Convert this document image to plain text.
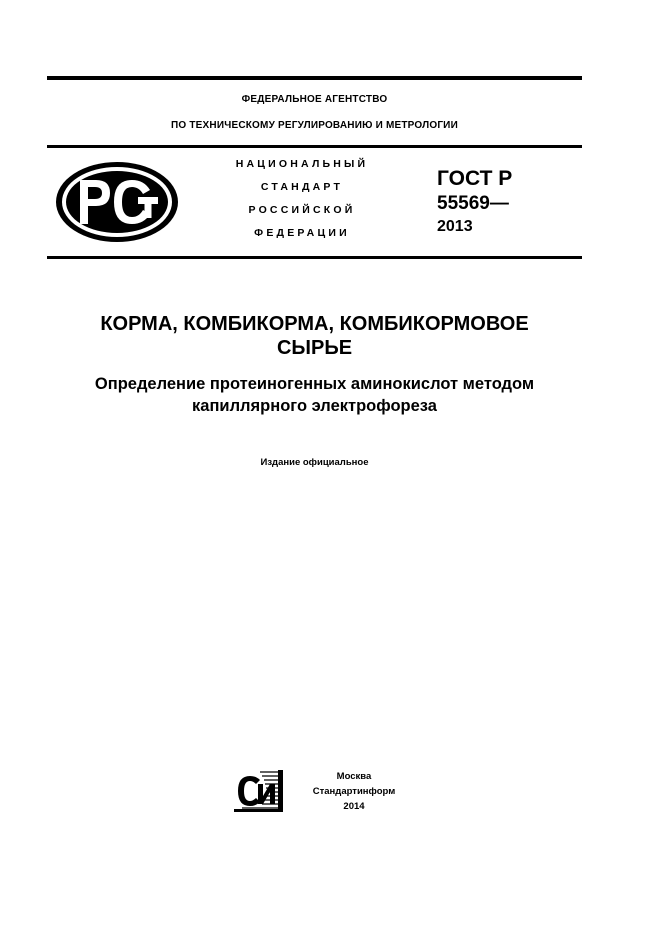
ФЕДЕРАЛЬНОЕ АГЕНТСТВО
ПО ТЕХНИЧЕСКОМУ РЕГУЛИРОВАНИЮ И МЕТРОЛОГИИ
НАЦИОНАЛЬНЫЙ
СТАНДАРТ
РОССИЙСКОЙ
ФЕДЕРАЦИИ
ГОСТ Р
55569—
2013
КОРМА, КОМБИКОРМА, КОМБИКОРМОВОЕ
СЫРЬЕ
Определение протеиногенных аминокислот методом
капиллярного электрофореза
Издание официальное
Москва
Стандартинформ
2014
